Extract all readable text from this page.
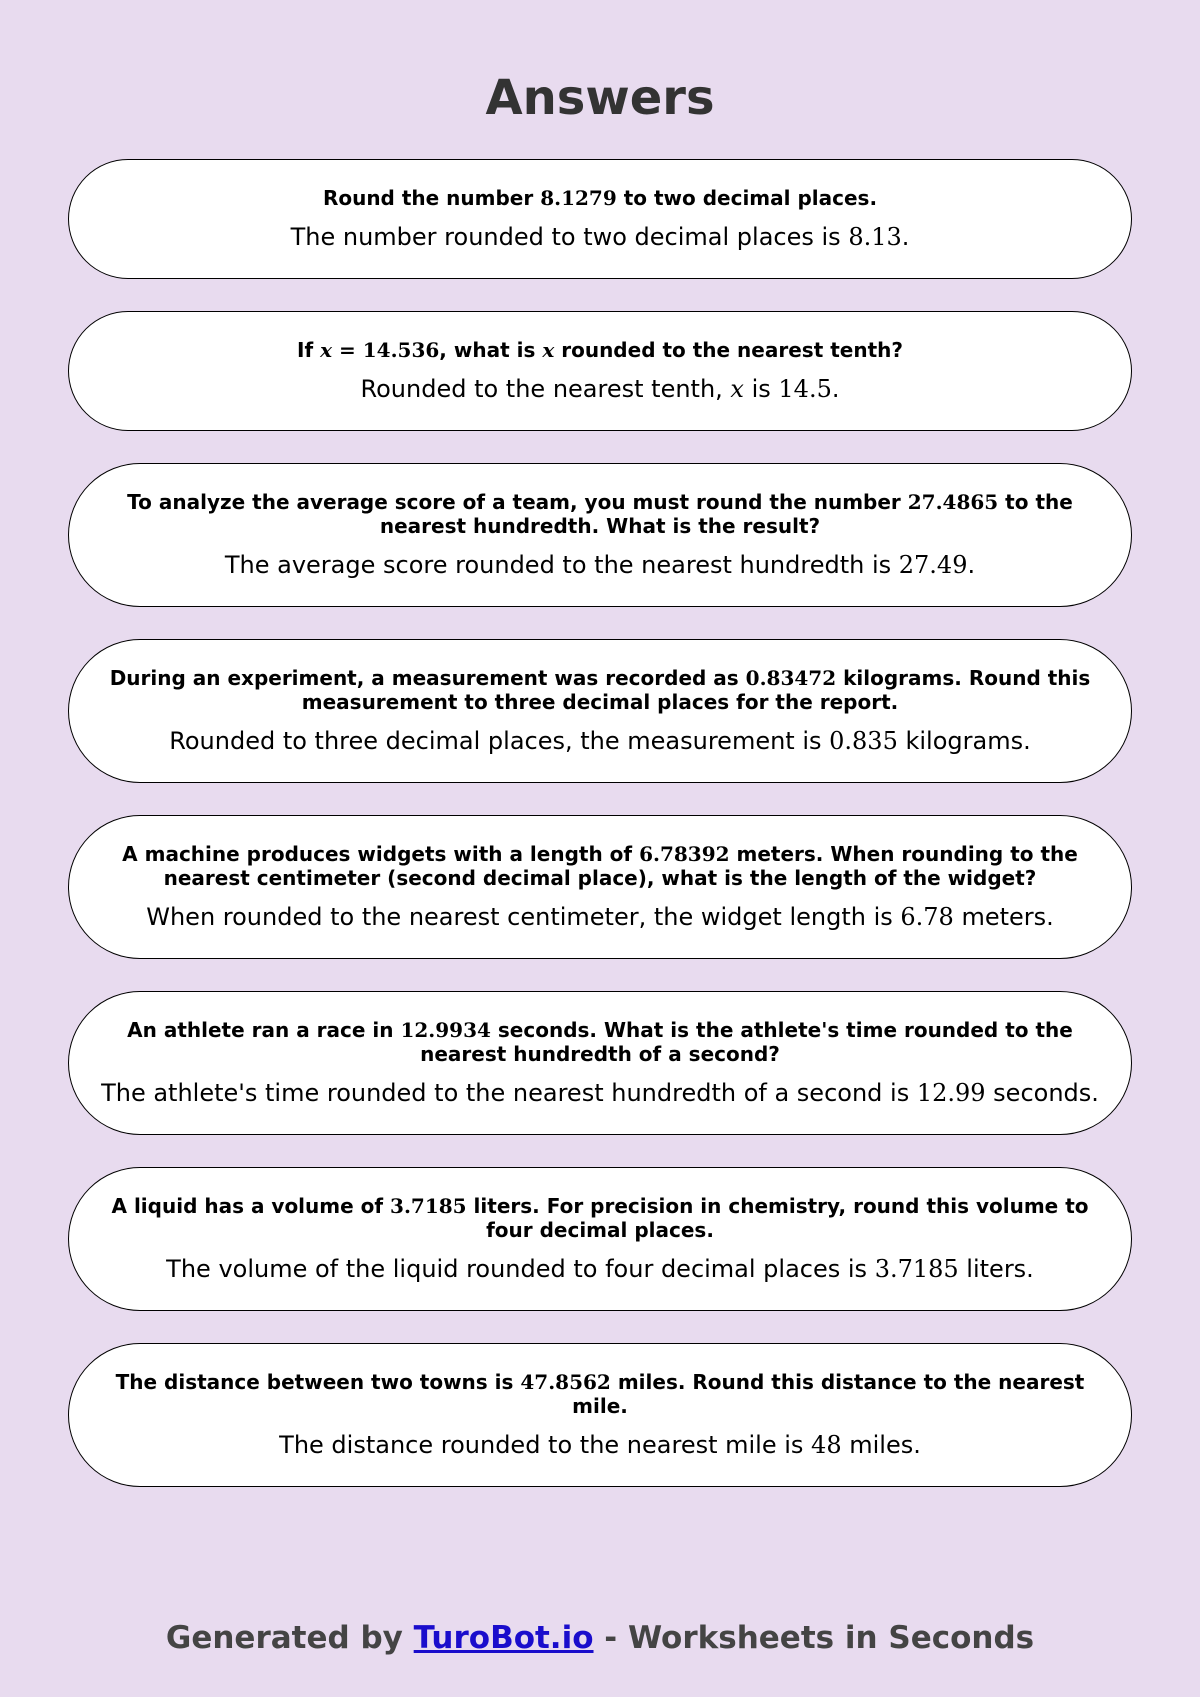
Answers
Round the number 8.1279 to two decimal places.
The number rounded to two decimal places is 8.13.
If x = 14.536, what is x rounded to the nearest tenth?
Rounded to the nearest tenth, x is 14.5.
To analyze the average score of a team, you must round the number 27.4865 to the nearest hundredth. What is the result?
The average score rounded to the nearest hundredth is 27.49.
During an experiment, a measurement was recorded as 0.83472 kilograms. Round this measurement to three decimal places for the report.
Rounded to three decimal places, the measurement is 0.835 kilograms.
A machine produces widgets with a length of 6.78392 meters. When rounding to the nearest centimeter (second decimal place), what is the length of the widget?
When rounded to the nearest centimeter, the widget length is 6.78 meters.
An athlete ran a race in 12.9934 seconds. What is the athlete's time rounded to the nearest hundredth of a second?
The athlete's time rounded to the nearest hundredth of a second is 12.99 seconds.
A liquid has a volume of 3.7185 liters. For precision in chemistry, round this volume to four decimal places.
The volume of the liquid rounded to four decimal places is 3.7185 liters.
The distance between two towns is 47.8562 miles. Round this distance to the nearest mile.
The distance rounded to the nearest mile is 48 miles.
Generated by TuroBot.io - Worksheets in Seconds
